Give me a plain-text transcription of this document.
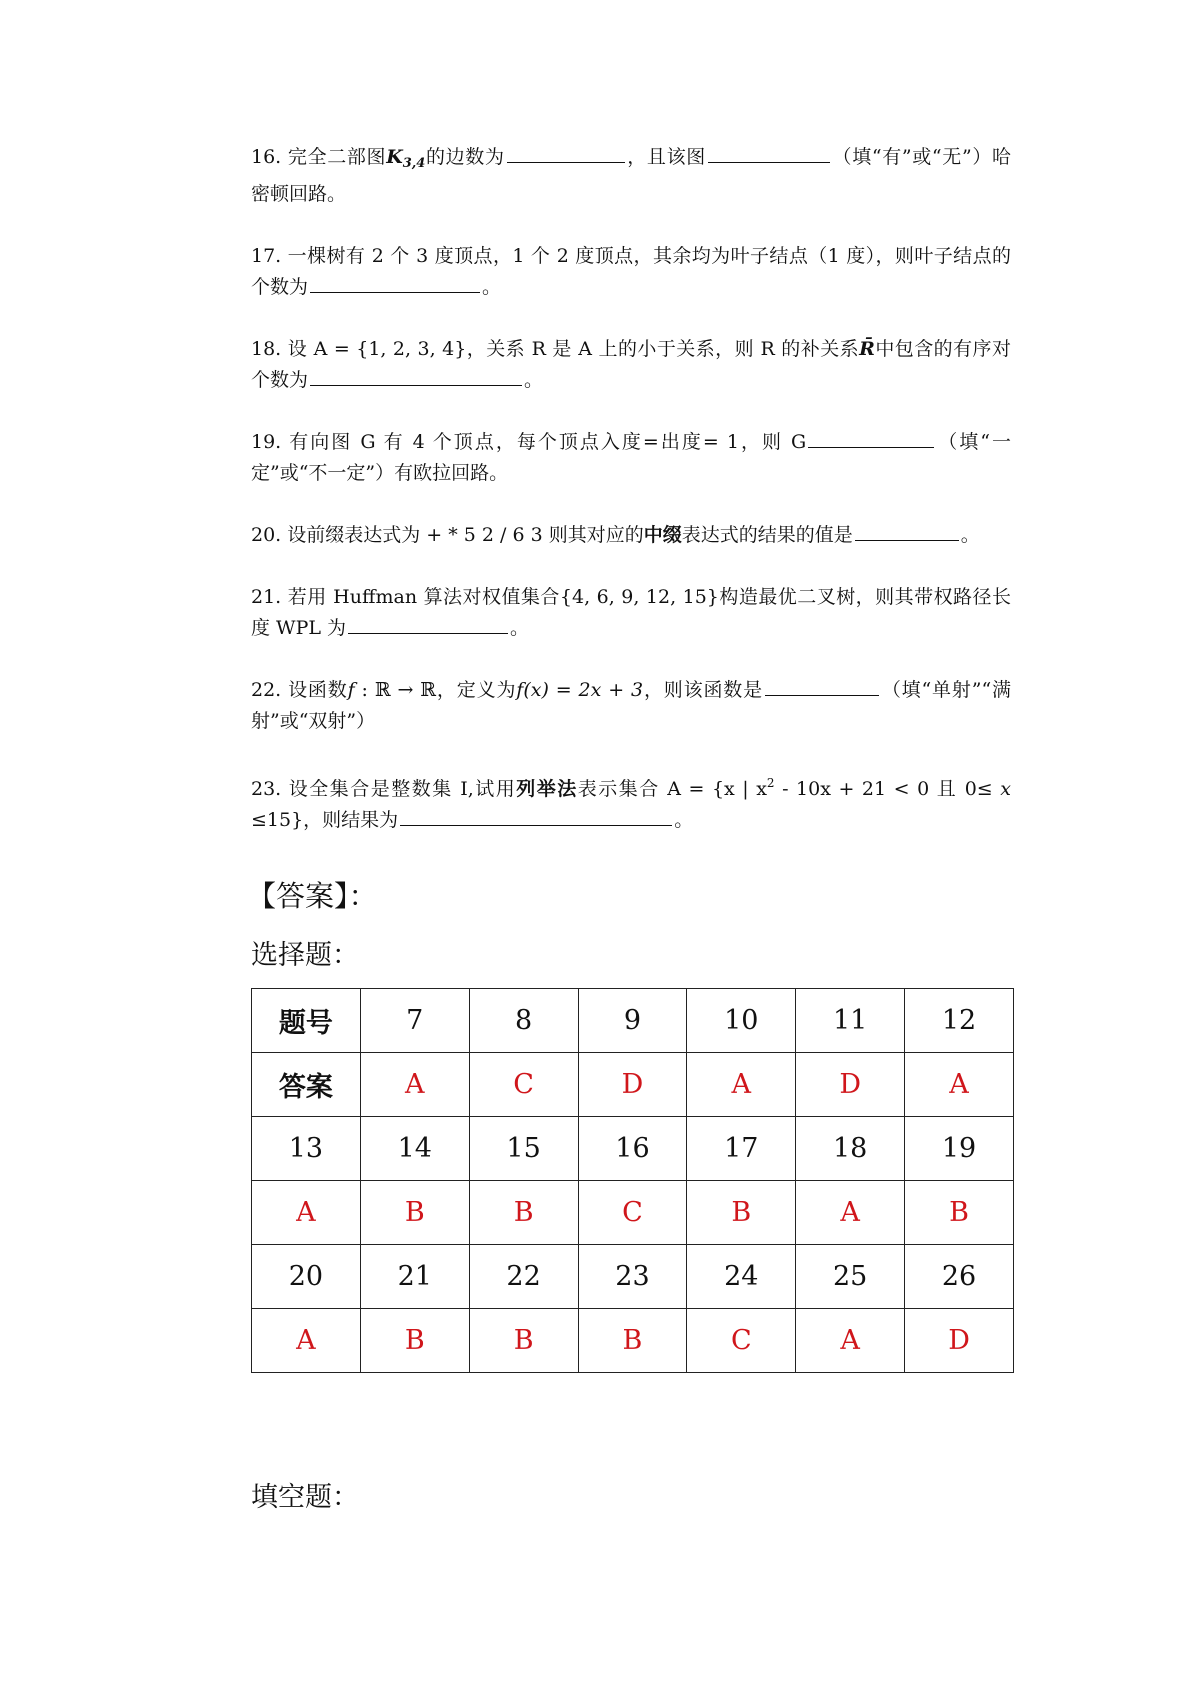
16. 完全二部图$K_{3,4}$的边数为	，且该图	（填“有”或“无”）哈密顿回路。

17. 一棵树有 2 个 3 度顶点，1 个 2 度顶点，其余均为叶子结点（1 度），则叶子结点的个数为	。

18. 设 A = {1, 2, 3, 4}，关系 R 是 A 上的小于关系，则 R 的补关系R̄中包含的有序对个数为	。

19. 有向图 G 有 4 个顶点，每个顶点入度=出度= 1，则 G	（填“一定”或“不一定”）有欧拉回路。

20. 设前缀表达式为 + * 5 2 / 6 3 则其对应的中缀表达式的结果的值是	。

21. 若用 Huffman 算法对权值集合{4, 6, 9, 12, 15}构造最优二叉树，则其带权路径长度 WPL 为	。

22. 设函数f : ℝ → ℝ，定义为f(x) = 2x + 3，则该函数是	（填“单射”“满射”或“双射”）

23. 设全集合是整数集 I,试用列举法表示集合 A = {x | $x^2 - 10x + 21 < 0$ 且 0≤ x ≤15}，则结果为	。

【答案】：
选择题：
题号	7	8	9	10	11	12
答案	A	C	D	A	D	A
13	14	15	16	17	18	19
A	B	B	C	B	A	B
20	21	22	23	24	25	26
A	B	B	B	C	A	D
填空题：
